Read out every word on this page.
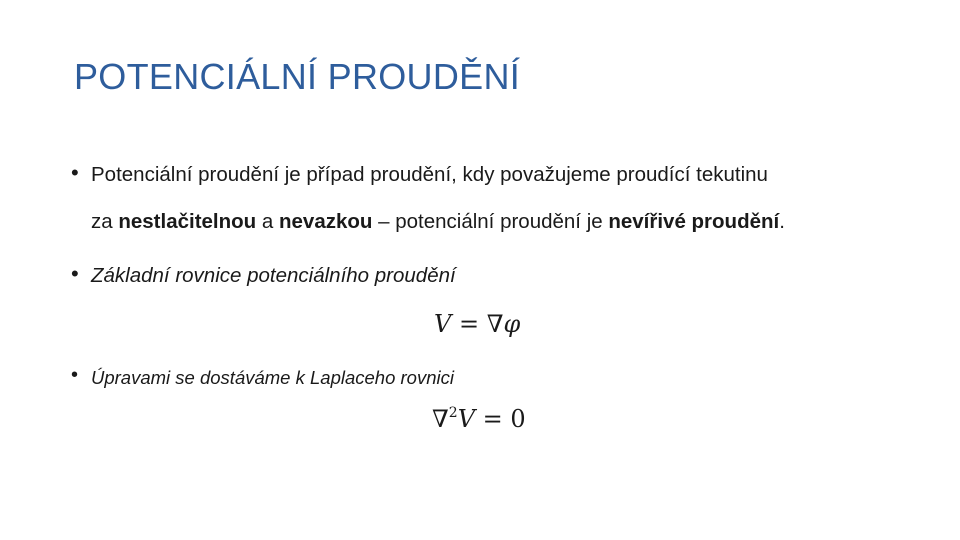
POTENCIÁLNÍ PROUDĚNÍ
• Potenciální proudění je případ proudění, kdy považujeme proudící tekutinu
za nestlačitelnou a nevazkou – potenciální proudění je nevířivé proudění.
• Základní rovnice potenciálního proudění
V = ∇φ
• Úpravami se dostáváme k Laplaceho rovnici
∇$^2$V = 0
